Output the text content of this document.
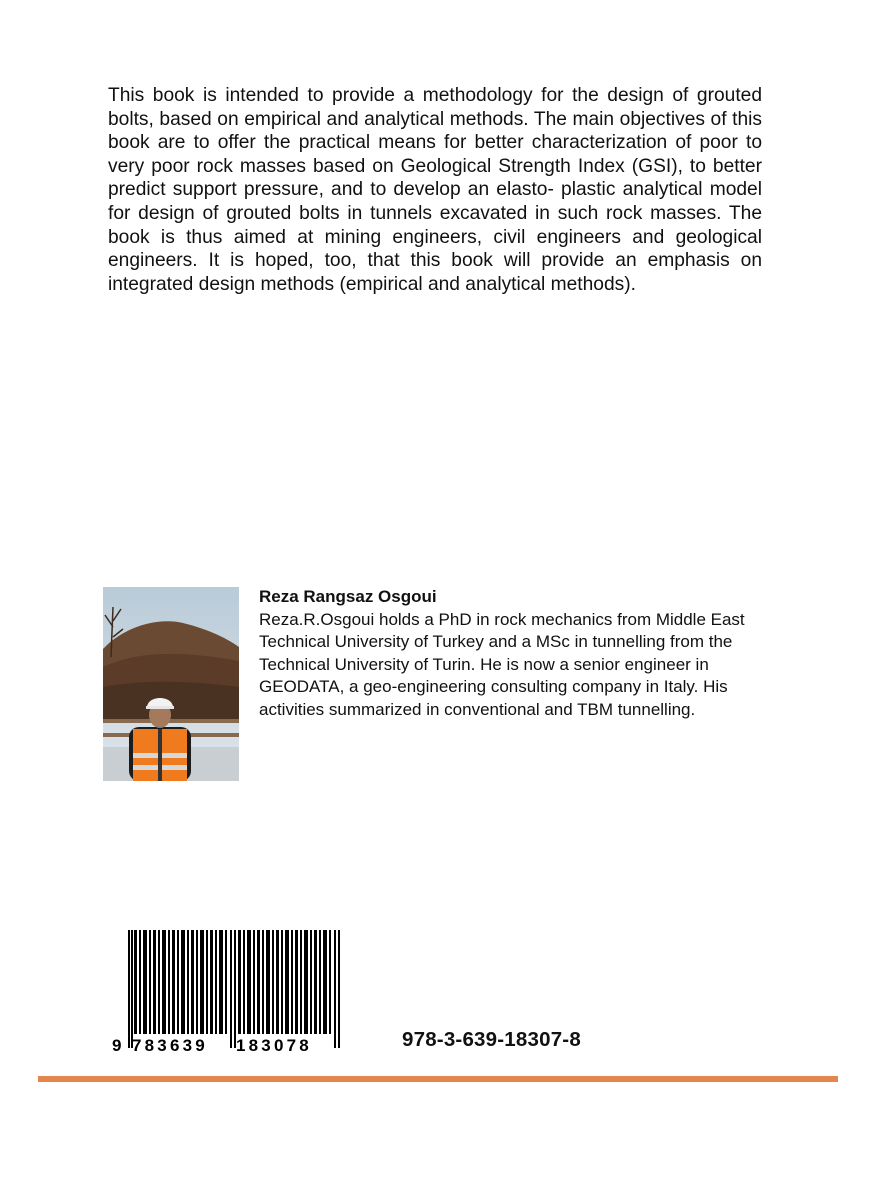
This book is intended to provide a methodology for the design of grouted bolts, based on empirical and analytical methods. The main objectives of this book are to offer the practical means for better characterization of poor to very poor rock masses based on Geological Strength Index (GSI), to better predict support pressure, and to develop an elasto- plastic analytical model for design of grouted bolts in tunnels excavated in such rock masses. The book is thus aimed at mining engineers, civil engineers and geological engineers. It is hoped, too, that this book will provide an emphasis on integrated design methods (empirical and analytical methods).

Reza Rangsaz Osgoui

Reza.R.Osgoui holds a PhD in rock mechanics from Middle East Technical University of Turkey and a MSc in tunnelling from the Technical University of Turin. He is now a senior engineer in GEODATA, a geo-engineering consulting company in Italy. His activities summarized in conventional and TBM tunnelling.

9 783639 183078	978-3-639-18307-8
